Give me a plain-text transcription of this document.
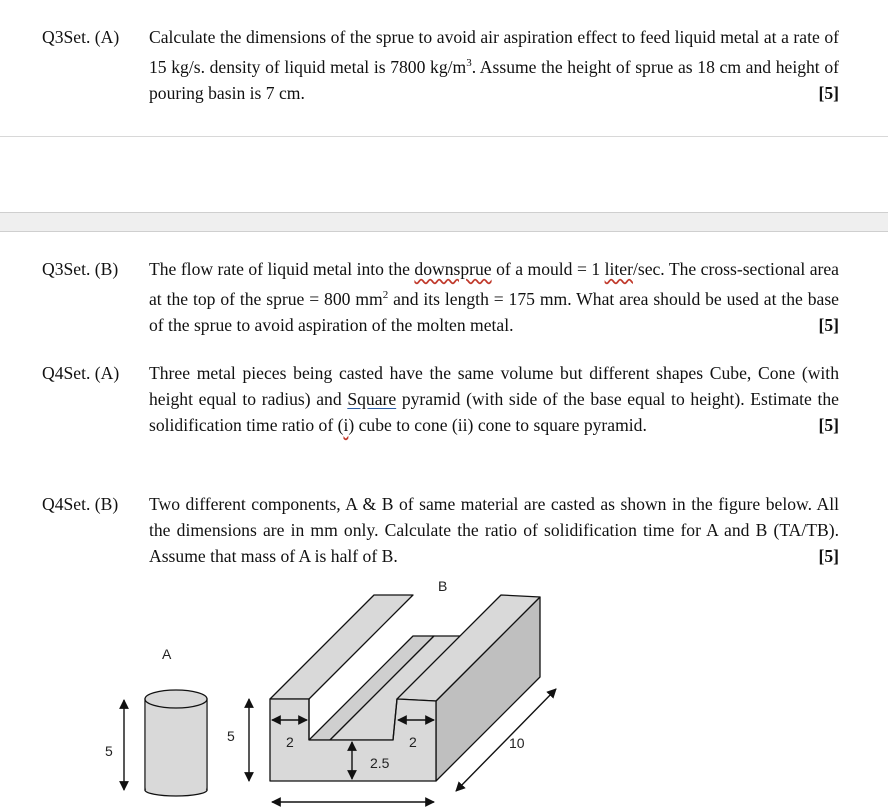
Q3Set. (A) Calculate the dimensions of the sprue to avoid air aspiration effect to feed liquid metal at a rate of 15 kg/s. density of liquid metal is 7800 $kg/m^3$. Assume the height of sprue as 18 cm and height of pouring basin is 7 cm.	[5]
Q3Set. (B) The flow rate of liquid metal into the downsprue of a mould = 1 liter/sec. The cross-sectional area at the top of the sprue = 800 $mm^2$ and its length = 175 mm. What area should be used at the base of the sprue to avoid aspiration of the molten metal.	[5]
Q4Set. (A) Three metal pieces being casted have the same volume but different shapes Cube, Cone (with height equal to radius) and Square pyramid (with side of the base equal to height). Estimate the solidification time ratio of (i) cube to cone (ii) cone to square pyramid.	[5]
Q4Set. (B) Two different components, A & B of same material are casted as shown in the figure below. All the dimensions are in mm only. Calculate the ratio of solidification time for A and B (TA/TB). Assume that mass of A is half of B.	[5]
A
5
B
5	2	2
2.5
10
